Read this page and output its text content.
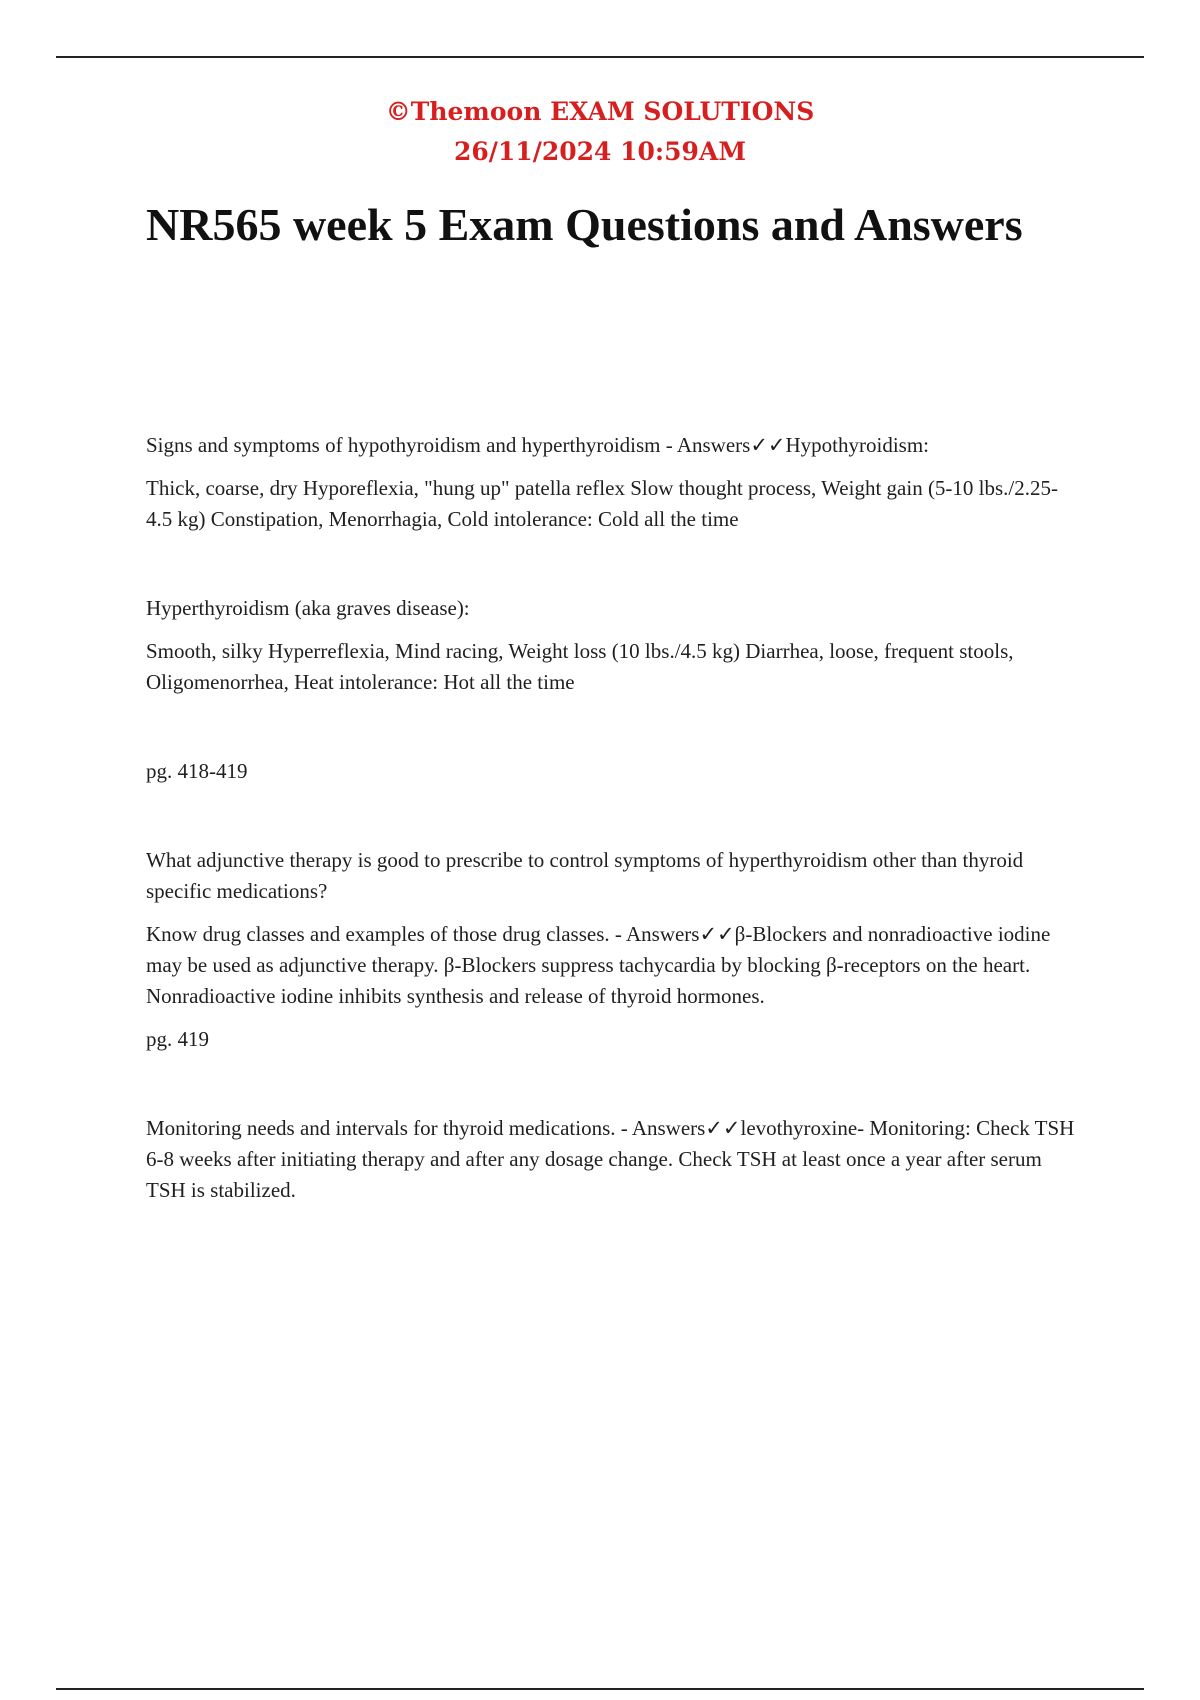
©Themoon EXAM SOLUTIONS
26/11/2024 10:59AM
NR565 week 5 Exam Questions and Answers

Signs and symptoms of hypothyroidism and hyperthyroidism - Answers✓✓Hypothyroidism:

Thick, coarse, dry Hyporeflexia, "hung up" patella reflex Slow thought process, Weight gain (5-10 lbs./2.25-4.5 kg) Constipation, Menorrhagia, Cold intolerance: Cold all the time

Hyperthyroidism (aka graves disease):

Smooth, silky Hyperreflexia, Mind racing, Weight loss (10 lbs./4.5 kg) Diarrhea, loose, frequent stools, Oligomenorrhea, Heat intolerance: Hot all the time

pg. 418-419

What adjunctive therapy is good to prescribe to control symptoms of hyperthyroidism other than thyroid specific medications?

Know drug classes and examples of those drug classes. - Answers✓✓β-Blockers and nonradioactive iodine may be used as adjunctive therapy. β-Blockers suppress tachycardia by blocking β-receptors on the heart. Nonradioactive iodine inhibits synthesis and release of thyroid hormones.

pg. 419

Monitoring needs and intervals for thyroid medications. - Answers✓✓levothyroxine- Monitoring: Check TSH 6-8 weeks after initiating therapy and after any dosage change. Check TSH at least once a year after serum TSH is stabilized.
